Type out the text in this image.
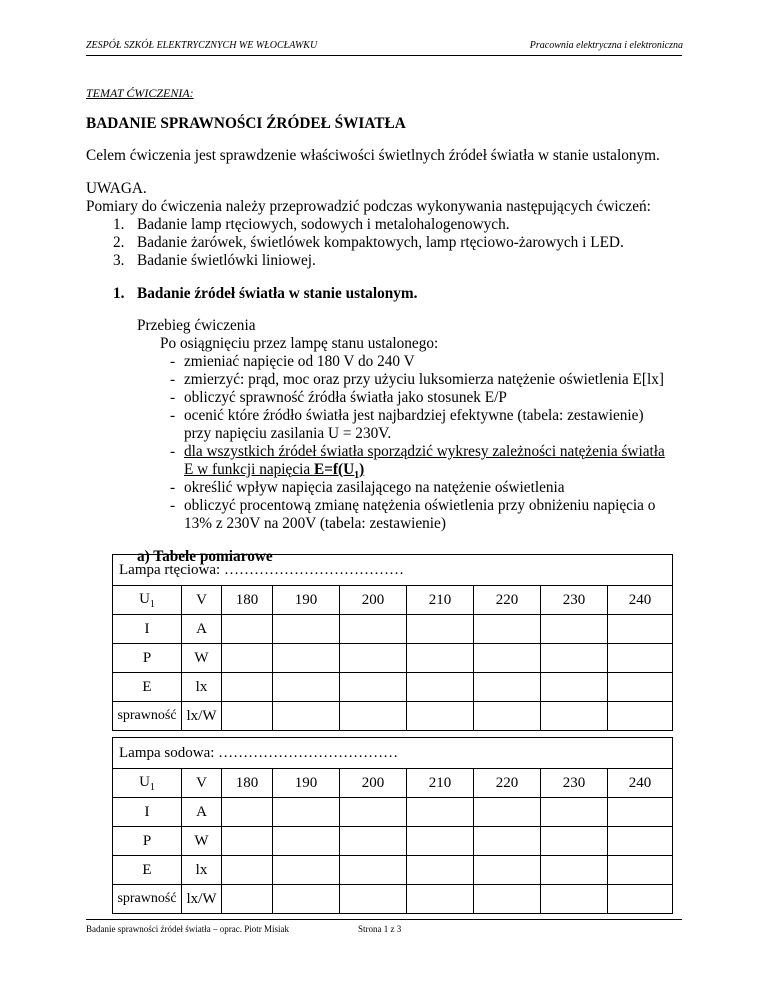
ZESPÓŁ SZKÓŁ ELEKTRYCZNYCH WE WŁOCŁAWKU	Pracownia elektryczna i elektroniczna
TEMAT ĆWICZENIA:
BADANIE SPRAWNOŚCI ŹRÓDEŁ ŚWIATŁA
Celem ćwiczenia jest sprawdzenie właściwości świetlnych źródeł światła w stanie ustalonym.
UWAGA.
Pomiary do ćwiczenia należy przeprowadzić podczas wykonywania następujących ćwiczeń:
1. Badanie lamp rtęciowych, sodowych i metalohalogenowych.
2. Badanie żarówek, świetlówek kompaktowych, lamp rtęciowo-żarowych i LED.
3. Badanie świetlówki liniowej.
1. Badanie źródeł światła w stanie ustalonym.
Przebieg ćwiczenia
Po osiągnięciu przez lampę stanu ustalonego:
- zmieniać napięcie od 180 V do 240 V
- zmierzyć: prąd, moc oraz przy użyciu luksomierza natężenie oświetlenia E[lx]
- obliczyć sprawność źródła światła jako stosunek E/P
- ocenić które źródło światła jest najbardziej efektywne (tabela: zestawienie)
przy napięciu zasilania U = 230V.
- dla wszystkich źródeł światła sporządzić wykresy zależności natężenia światła
E w funkcji napięcia $E=f(U_1)$
- określić wpływ napięcia zasilającego na natężenie oświetlenia
- obliczyć procentową zmianę natężenia oświetlenia przy obniżeniu napięcia o
13% z 230V na 200V (tabela: zestawienie)
a) Tabele pomiarowe
Lampa rtęciowa: ………………………………								
$U_1$	V	180	190	200	210	220	230	240
I	A							
P	W							
E	lx							
sprawność	lx/W							
Lampa sodowa: ………………………………								
$U_1$	V	180	190	200	210	220	230	240
I	A							
P	W							
E	lx							
sprawność	lx/W							
Badanie sprawności źródeł światła – oprac. Piotr Misiak	Strona 1 z 3
